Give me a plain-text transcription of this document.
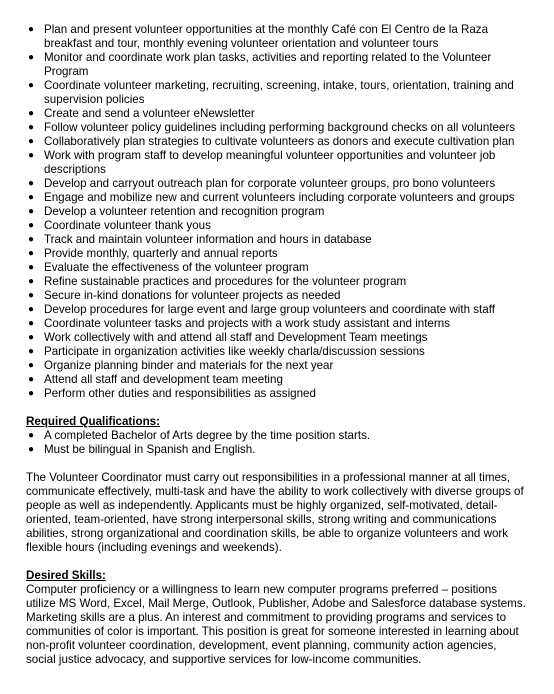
● Plan and present volunteer opportunities at the monthly Café con El Centro de la Raza breakfast and tour, monthly evening volunteer orientation and volunteer tours
● Monitor and coordinate work plan tasks, activities and reporting related to the Volunteer Program
● Coordinate volunteer marketing, recruiting, screening, intake, tours, orientation, training and supervision policies
● Create and send a volunteer eNewsletter
● Follow volunteer policy guidelines including performing background checks on all volunteers
● Collaboratively plan strategies to cultivate volunteers as donors and execute cultivation plan
● Work with program staff to develop meaningful volunteer opportunities and volunteer job descriptions
● Develop and carryout outreach plan for corporate volunteer groups, pro bono volunteers
● Engage and mobilize new and current volunteers including corporate volunteers and groups
● Develop a volunteer retention and recognition program
● Coordinate volunteer thank yous
● Track and maintain volunteer information and hours in database
● Provide monthly, quarterly and annual reports
● Evaluate the effectiveness of the volunteer program
● Refine sustainable practices and procedures for the volunteer program
● Secure in-kind donations for volunteer projects as needed
● Develop procedures for large event and large group volunteers and coordinate with staff
● Coordinate volunteer tasks and projects with a work study assistant and interns
● Work collectively with and attend all staff and Development Team meetings
● Participate in organization activities like weekly charla/discussion sessions
● Organize planning binder and materials for the next year
● Attend all staff and development team meeting
● Perform other duties and responsibilities as assigned
Required Qualifications:
● A completed Bachelor of Arts degree by the time position starts.
● Must be bilingual in Spanish and English.

The Volunteer Coordinator must carry out responsibilities in a professional manner at all times, communicate effectively, multi-task and have the ability to work collectively with diverse groups of people as well as independently. Applicants must be highly organized, self-motivated, detail-oriented, team-oriented, have strong interpersonal skills, strong writing and communications abilities, strong organizational and coordination skills, be able to organize volunteers and work flexible hours (including evenings and weekends).

Desired Skills:

Computer proficiency or a willingness to learn new computer programs preferred – positions utilize MS Word, Excel, Mail Merge, Outlook, Publisher, Adobe and Salesforce database systems. Marketing skills are a plus. An interest and commitment to providing programs and services to communities of color is important. This position is great for someone interested in learning about non-profit volunteer coordination, development, event planning, community action agencies, social justice advocacy, and supportive services for low-income communities.
